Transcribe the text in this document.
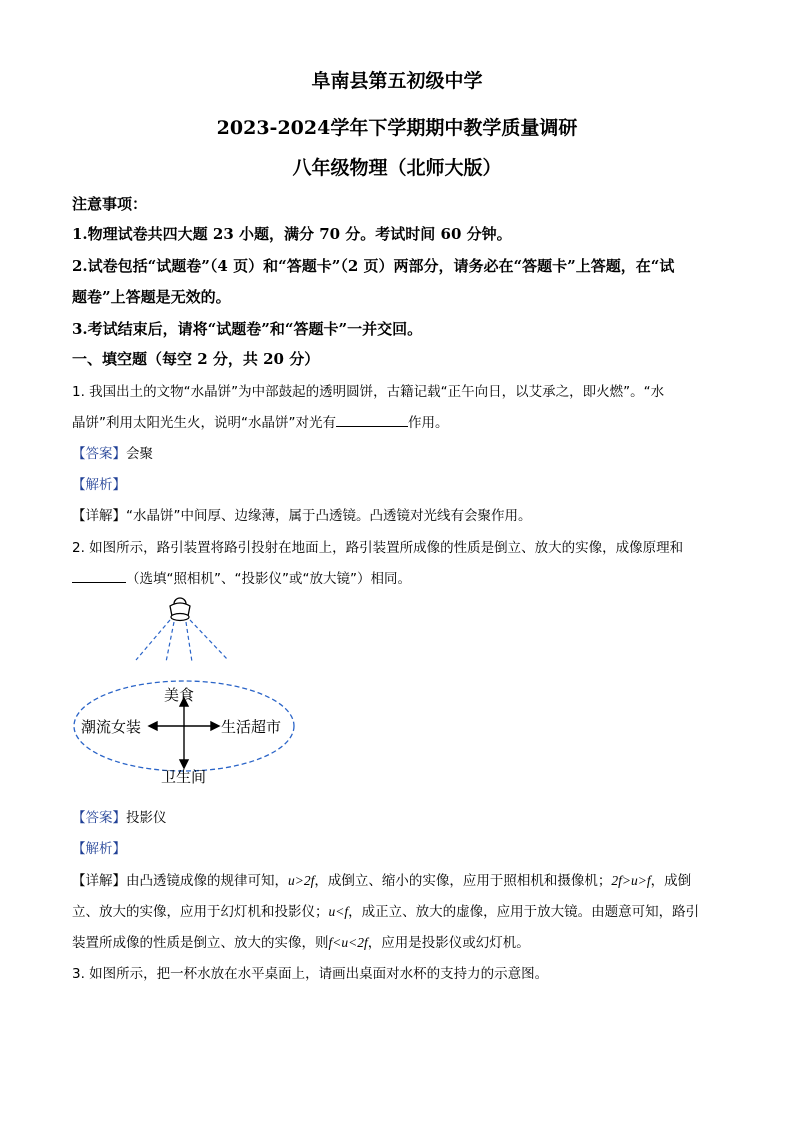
阜南县第五初级中学
2023-2024学年下学期期中教学质量调研
八年级物理（北师大版）
注意事项：
1.物理试卷共四大题 23 小题，满分 70 分。考试时间 60 分钟。
2.试卷包括“试题卷”（4 页）和“答题卡”（2 页）两部分，请务必在“答题卡”上答题，在“试
题卷”上答题是无效的。
3.考试结束后，请将“试题卷”和“答题卡”一并交回。
一、填空题（每空 2 分，共 20 分）
1. 我国出土的文物“水晶饼”为中部鼓起的透明圆饼，古籍记载“正午向日，以艾承之，即火燃”。“水
晶饼”利用太阳光生火，说明“水晶饼”对光有	作用。
【答案】会聚
【解析】
【详解】“水晶饼”中间厚、边缘薄，属于凸透镜。凸透镜对光线有会聚作用。
2. 如图所示，路引装置将路引投射在地面上，路引装置所成像的性质是倒立、放大的实像，成像原理和
（选填“照相机”、“投影仪”或“放大镜”）相同。
美食
潮流女装	生活超市
卫生间
【答案】投影仪
【解析】
【详解】由凸透镜成像的规律可知，u>2f，成倒立、缩小的实像，应用于照相机和摄像机；2f>u>f，成倒
立、放大的实像，应用于幻灯机和投影仪；u<f，成正立、放大的虚像，应用于放大镜。由题意可知，路引
装置所成像的性质是倒立、放大的实像，则f<u<2f，应用是投影仪或幻灯机。
3. 如图所示，把一杯水放在水平桌面上，请画出桌面对水杯的支持力的示意图。
